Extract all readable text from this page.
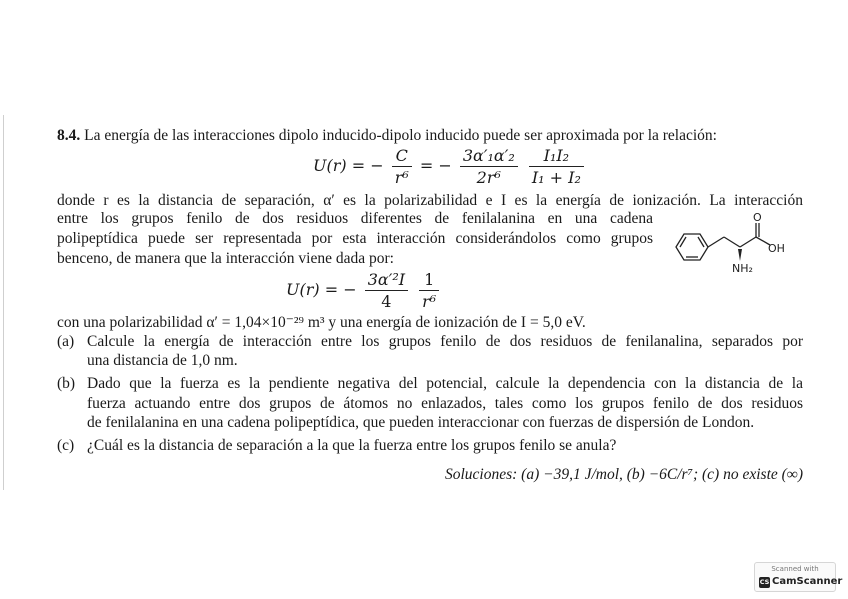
8.4. La energía de las interacciones dipolo inducido-dipolo inducido puede ser aproximada por la relación:
U(r) = − $\frac{C}{\text{r⁶}}$ = − $\frac{\text{3α′₁α′₂}}{\text{2r⁶}}$
$\frac{\text{I₁I₂}}{\text{I₁ + I₂}}$
donde r es la distancia de separación, α′ es la polarizabilidad e I es la energía de ionización. La interacción
entre los grupos fenilo de dos residuos diferentes de fenilalanina en una cadena
polipeptídica puede ser representada por esta interacción considerándolos como grupos
benceno, de manera que la interacción viene dada por:
O
OH
NH₂
U(r) = − $\frac{\text{3α′²I}}{4}$
$\frac{1}{\text{r⁶}}$
con una polarizabilidad α′ = 1,04×10⁻²⁹ m³ y una energía de ionización de I = 5,0 eV.
(a) Calcule la energía de interacción entre los grupos fenilo de dos residuos de fenilanalina, separados por
una distancia de 1,0 nm.
(b) Dado que la fuerza es la pendiente negativa del potencial, calcule la dependencia con la distancia de la
fuerza actuando entre dos grupos de átomos no enlazados, tales como los grupos fenilo de dos residuos
de fenilalanina en una cadena polipeptídica, que pueden interaccionar con fuerzas de dispersión de London.
(c) ¿Cuál es la distancia de separación a la que la fuerza entre los grupos fenilo se anula?
Soluciones: (a) −39,1 J/mol, (b) −6C/r⁷; (c) no existe (∞)
Scanned with
CS CamScanner
